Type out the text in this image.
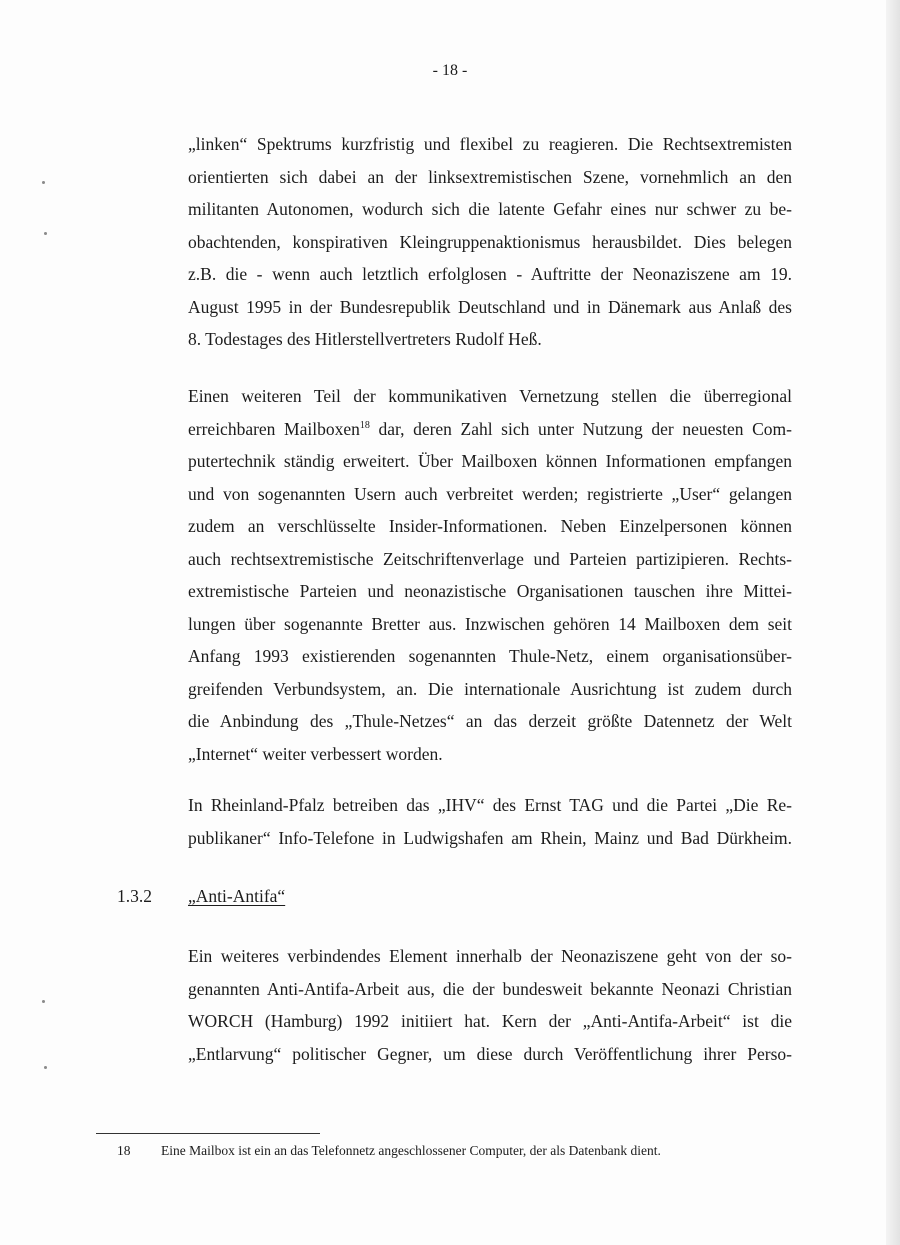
- 18 -
„linken“ Spektrums kurzfristig und flexibel zu reagieren. Die Rechtsextremisten
orientierten sich dabei an der linksextremistischen Szene, vornehmlich an den
militanten Autonomen, wodurch sich die latente Gefahr eines nur schwer zu be-
obachtenden, konspirativen Kleingruppenaktionismus herausbildet. Dies belegen
z.B. die - wenn auch letztlich erfolglosen - Auftritte der Neonaziszene am 19.
August 1995 in der Bundesrepublik Deutschland und in Dänemark aus Anlaß des
8. Todestages des Hitlerstellvertreters Rudolf Heß.
Einen weiteren Teil der kommunikativen Vernetzung stellen die überregional
erreichbaren Mailboxen$^{18}$ dar, deren Zahl sich unter Nutzung der neuesten Com-
putertechnik ständig erweitert. Über Mailboxen können Informationen empfangen
und von sogenannten Usern auch verbreitet werden; registrierte „User“ gelangen
zudem an verschlüsselte Insider-Informationen. Neben Einzelpersonen können
auch rechtsextremistische Zeitschriftenverlage und Parteien partizipieren. Rechts-
extremistische Parteien und neonazistische Organisationen tauschen ihre Mittei-
lungen über sogenannte Bretter aus. Inzwischen gehören 14 Mailboxen dem seit
Anfang 1993 existierenden sogenannten Thule-Netz, einem organisationsüber-
greifenden Verbundsystem, an. Die internationale Ausrichtung ist zudem durch
die Anbindung des „Thule-Netzes“ an das derzeit größte Datennetz der Welt
„Internet“ weiter verbessert worden.
In Rheinland-Pfalz betreiben das „IHV“ des Ernst TAG und die Partei „Die Re-
publikaner“ Info-Telefone in Ludwigshafen am Rhein, Mainz und Bad Dürkheim.
1.3.2 „Anti-Antifa“
Ein weiteres verbindendes Element innerhalb der Neonaziszene geht von der so-
genannten Anti-Antifa-Arbeit aus, die der bundesweit bekannte Neonazi Christian
WORCH (Hamburg) 1992 initiiert hat. Kern der „Anti-Antifa-Arbeit“ ist die
„Entlarvung“ politischer Gegner, um diese durch Veröffentlichung ihrer Perso-
18 Eine Mailbox ist ein an das Telefonnetz angeschlossener Computer, der als Datenbank dient.
